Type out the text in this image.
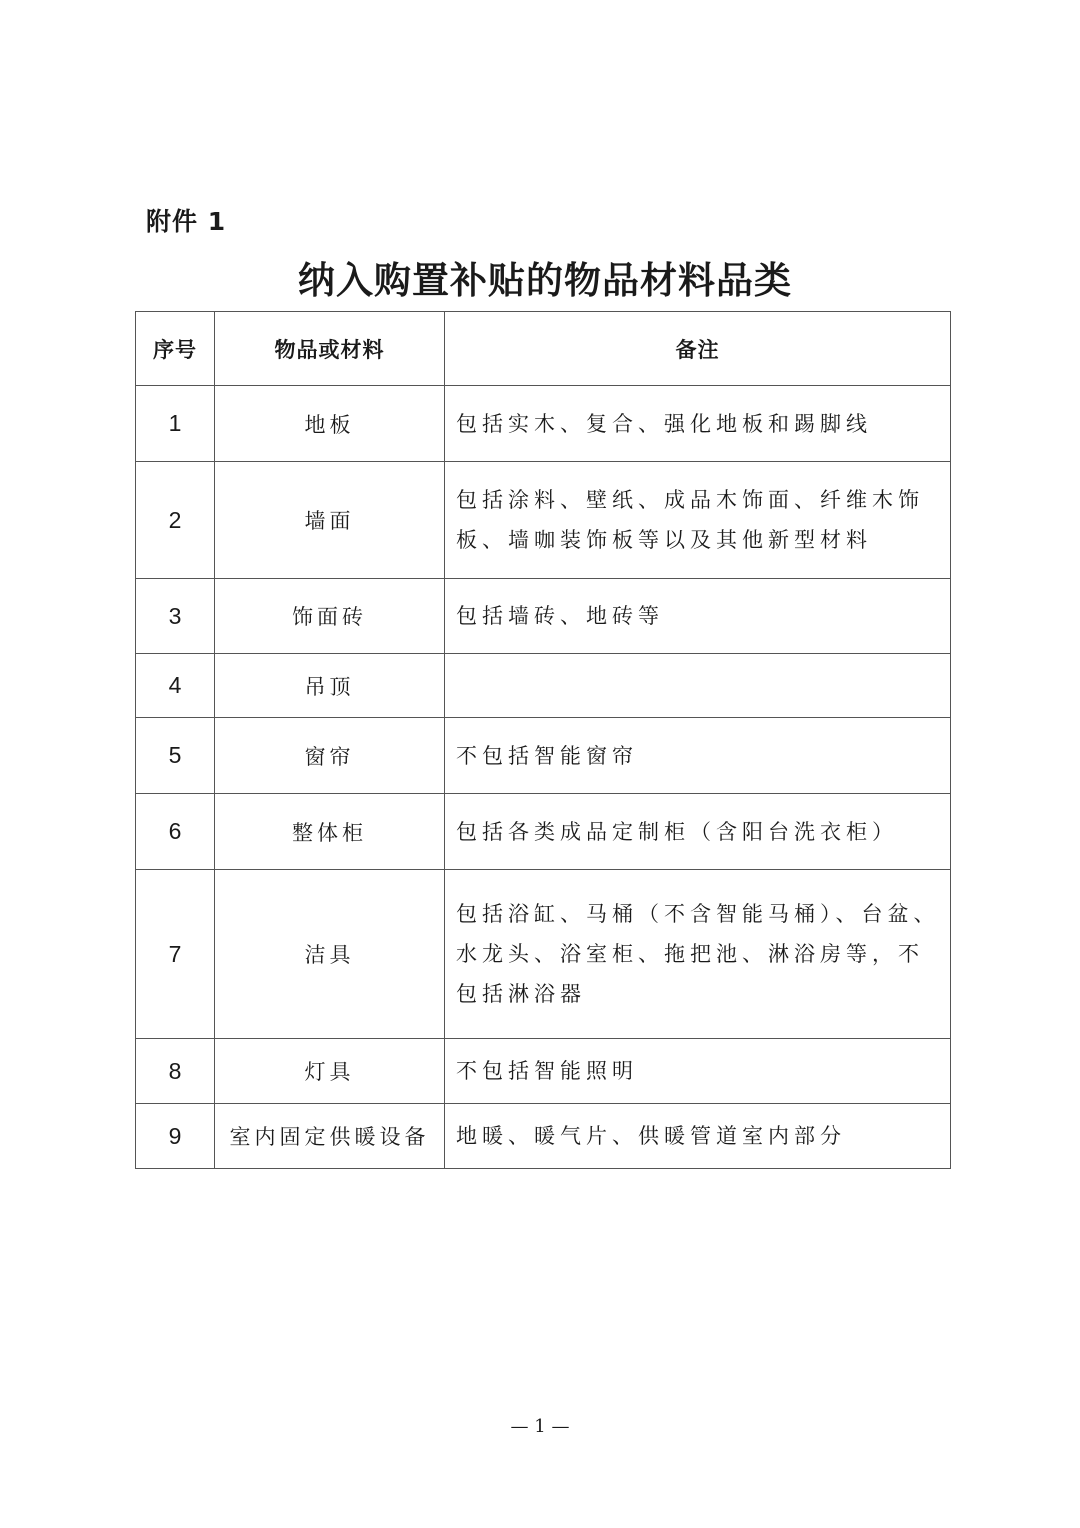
附件 1
纳入购置补贴的物品材料品类
序号	物品或材料	备注
1	地板	包括实木、复合、强化地板和踢脚线
2	墙面	包括涂料、壁纸、成品木饰面、纤维木饰板、墙咖装饰板等以及其他新型材料
3	饰面砖	包括墙砖、地砖等
4	吊顶	
5	窗帘	不包括智能窗帘
6	整体柜	包括各类成品定制柜（含阳台洗衣柜）
7	洁具	包括浴缸、马桶（不含智能马桶）、台盆、水龙头、浴室柜、拖把池、淋浴房等，不包括淋浴器
8	灯具	不包括智能照明
9	室内固定供暖设备	地暖、暖气片、供暖管道室内部分
— 1 —
